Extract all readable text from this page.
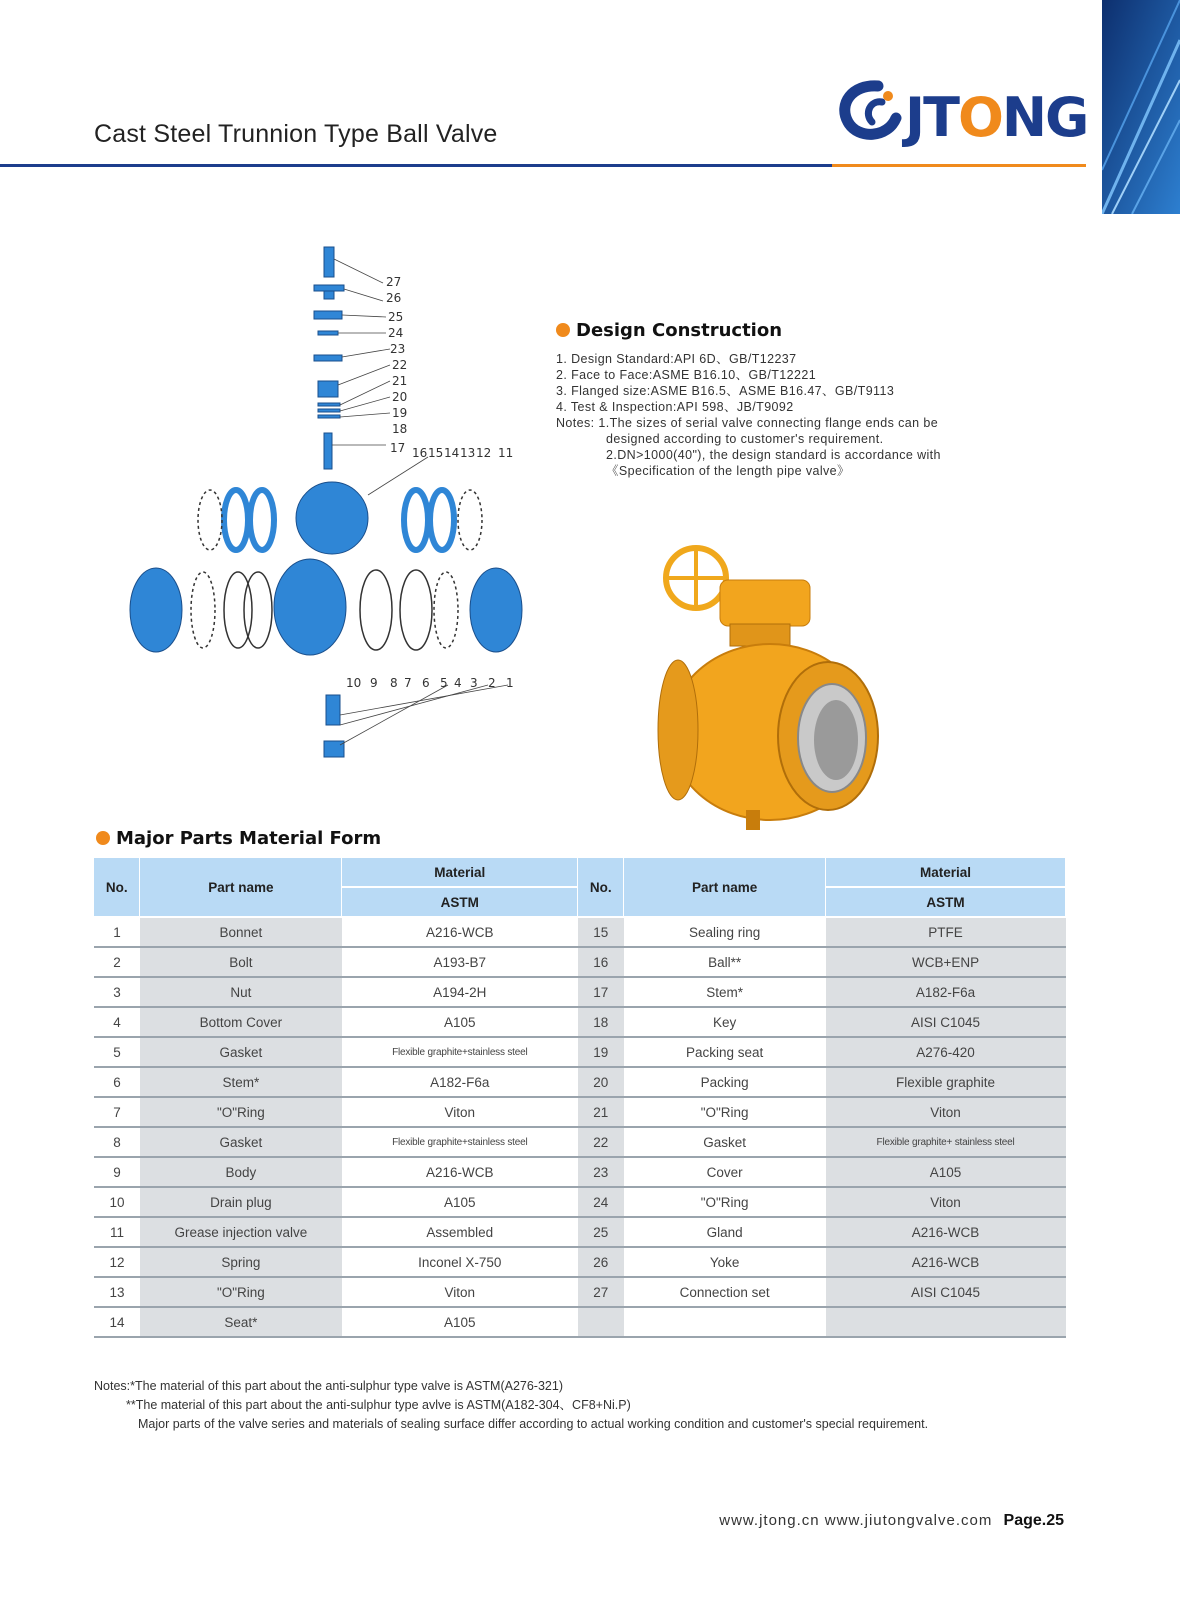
Cast Steel Trunnion Type Ball Valve	JTONG
Design Construction
1. Design Standard:API 6D、GB/T12237
2. Face to Face:ASME B16.10、GB/T12221
3. Flanged size:ASME B16.5、ASME B16.47、GB/T9113
4. Test & Inspection:API 598、JB/T9092
Notes: 1.The sizes of serial valve connecting flange ends can be
designed according to customer's requirement.
2.DN>1000(40"), the design standard is accordance with
《Specification of the length pipe valve》
27
26
25
24
23
22
21
20
19
18
17 16 15 14 13 12 11
10 9 8 7 6 5 4 3 2 1
Major Parts Material Form
No.	Part name	Material	No.	Part name	Material
		ASTM			ASTM
1	Bonnet	A216-WCB	15	Sealing ring	PTFE
2	Bolt	A193-B7	16	Ball**	WCB+ENP
3	Nut	A194-2H	17	Stem*	A182-F6a
4	Bottom Cover	A105	18	Key	AISI C1045
5	Gasket	Flexible graphite+stainless steel	19	Packing seat	A276-420
6	Stem*	A182-F6a	20	Packing	Flexible graphite
7	"O"Ring	Viton	21	"O"Ring	Viton
8	Gasket	Flexible graphite+stainless steel	22	Gasket	Flexible graphite+ stainless steel
9	Body	A216-WCB	23	Cover	A105
10	Drain plug	A105	24	"O"Ring	Viton
11	Grease injection valve	Assembled	25	Gland	A216-WCB
12	Spring	Inconel X-750	26	Yoke	A216-WCB
13	"O"Ring	Viton	27	Connection set	AISI C1045
14	Seat*	A105			
Notes:*The material of this part about the anti-sulphur type valve is ASTM(A276-321)
**The material of this part about the anti-sulphur type avlve is ASTM(A182-304、CF8+Ni.P)
Major parts of the valve series and materials of sealing surface differ according to actual working condition and customer's special requirement.
www.jtong.cn www.jiutongvalve.com Page.25
